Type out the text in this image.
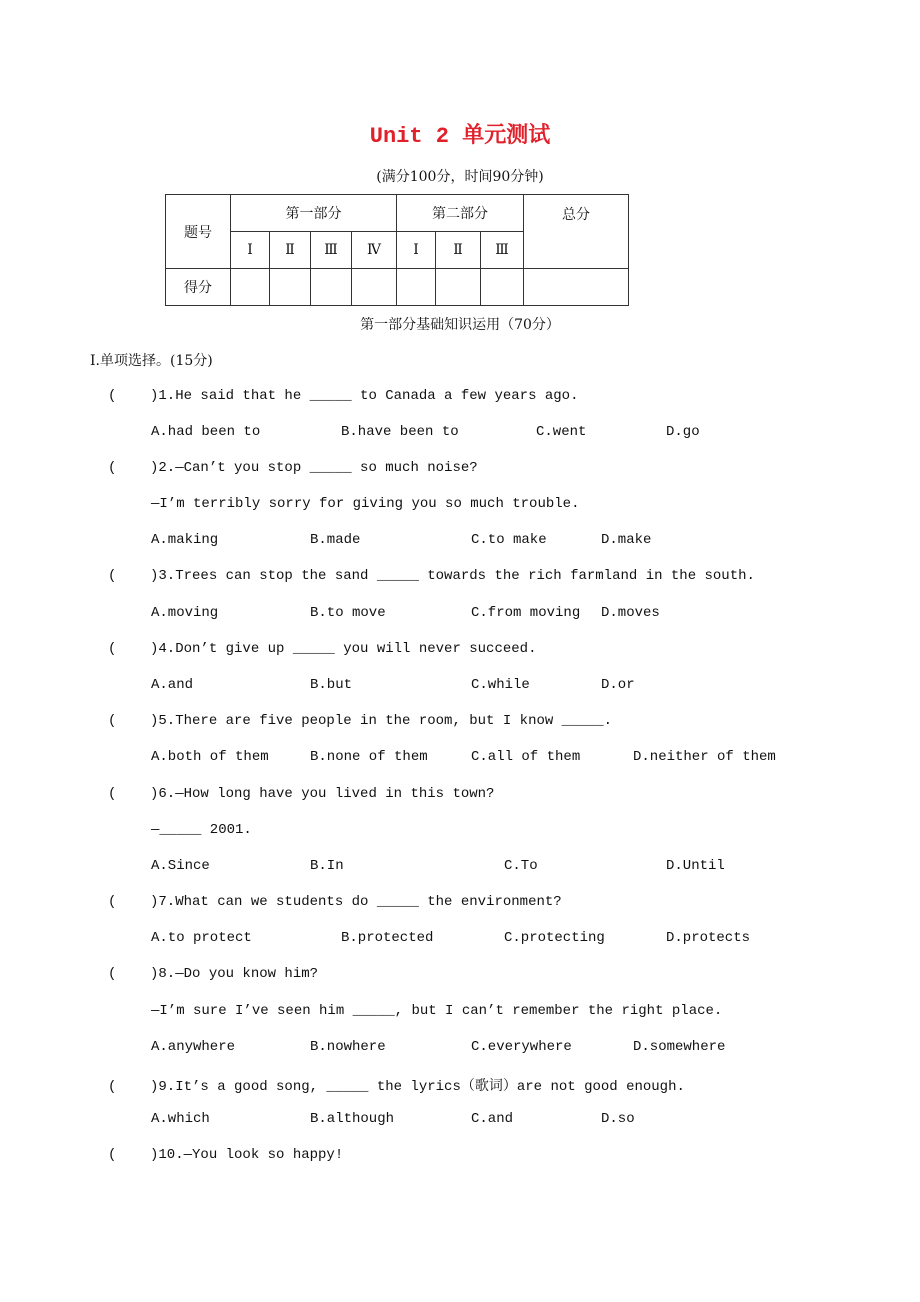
Unit 2 单元测试
(满分100分，时间90分钟)
题号	第一部分				第二部分			总分
	Ⅰ	Ⅱ	Ⅲ	Ⅳ	Ⅰ	Ⅱ	Ⅲ	
得分								
第一部分基础知识运用（70分）
Ⅰ.单项选择。(15分)
(    )1.He said that he _____ to Canada a few years ago.
A.had been to	B.have been to	C.went	D.go
(    )2.—Can’t you stop _____ so much noise?
—I’m terribly sorry for giving you so much trouble.
A.making	B.made	C.to make	D.make
(    )3.Trees can stop the sand _____ towards the rich farmland in the south.
A.moving	B.to move	C.from moving D.moves
(    )4.Don’t give up _____ you will never succeed.
A.and	B.but	C.while	D.or
(    )5.There are five people in the room, but I know _____.
A.both of them	B.none of them	C.all of them	D.neither of them
(    )6.—How long have you lived in this town?
—_____ 2001.
A.Since	B.In	C.To	D.Until
(    )7.What can we students do _____ the environment?
A.to protect	B.protected	C.protecting	D.protects
(    )8.—Do you know him?
—I’m sure I’ve seen him _____, but I can’t remember the right place.
A.anywhere	B.nowhere	C.everywhere	D.somewhere
(    )9.It’s a good song, _____ the lyrics（歌词）are not good enough.
A.which	B.although	C.and	D.so
(    )10.—You look so happy!
